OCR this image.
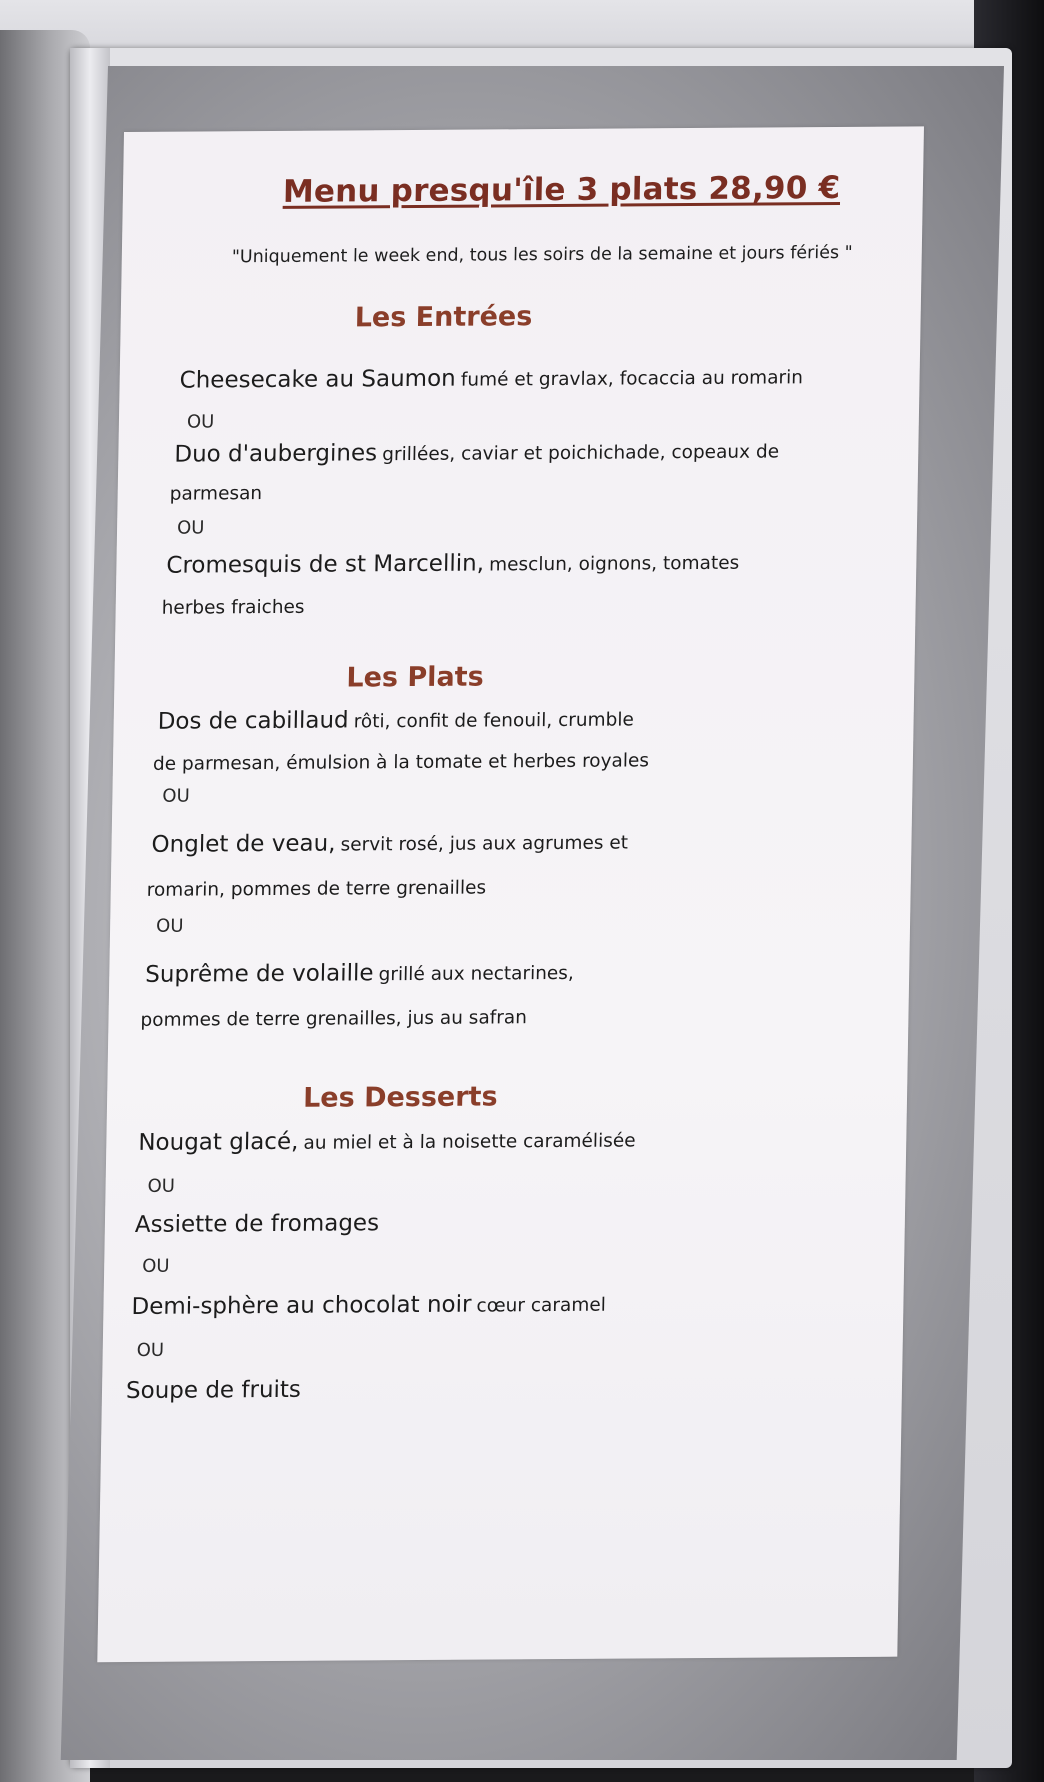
Menu presqu'île 3 plats 28,90 €
"Uniquement le week end, tous les soirs de la semaine et jours fériés "
Les Entrées
Cheesecake au Saumon fumé et gravlax, focaccia au romarin
OU
Duo d'aubergines grillées, caviar et poichichade, copeaux de
parmesan
OU
Cromesquis de st Marcellin, mesclun, oignons, tomates
herbes fraiches
Les Plats
Dos de cabillaud rôti, confit de fenouil, crumble
de parmesan, émulsion à la tomate et herbes royales
OU
Onglet de veau, servit rosé, jus aux agrumes et
romarin, pommes de terre grenailles
OU
Suprême de volaille grillé aux nectarines,
pommes de terre grenailles, jus au safran
Les Desserts
Nougat glacé, au miel et à la noisette caramélisée
OU
Assiette de fromages
OU
Demi-sphère au chocolat noir cœur caramel
OU
Soupe de fruits
